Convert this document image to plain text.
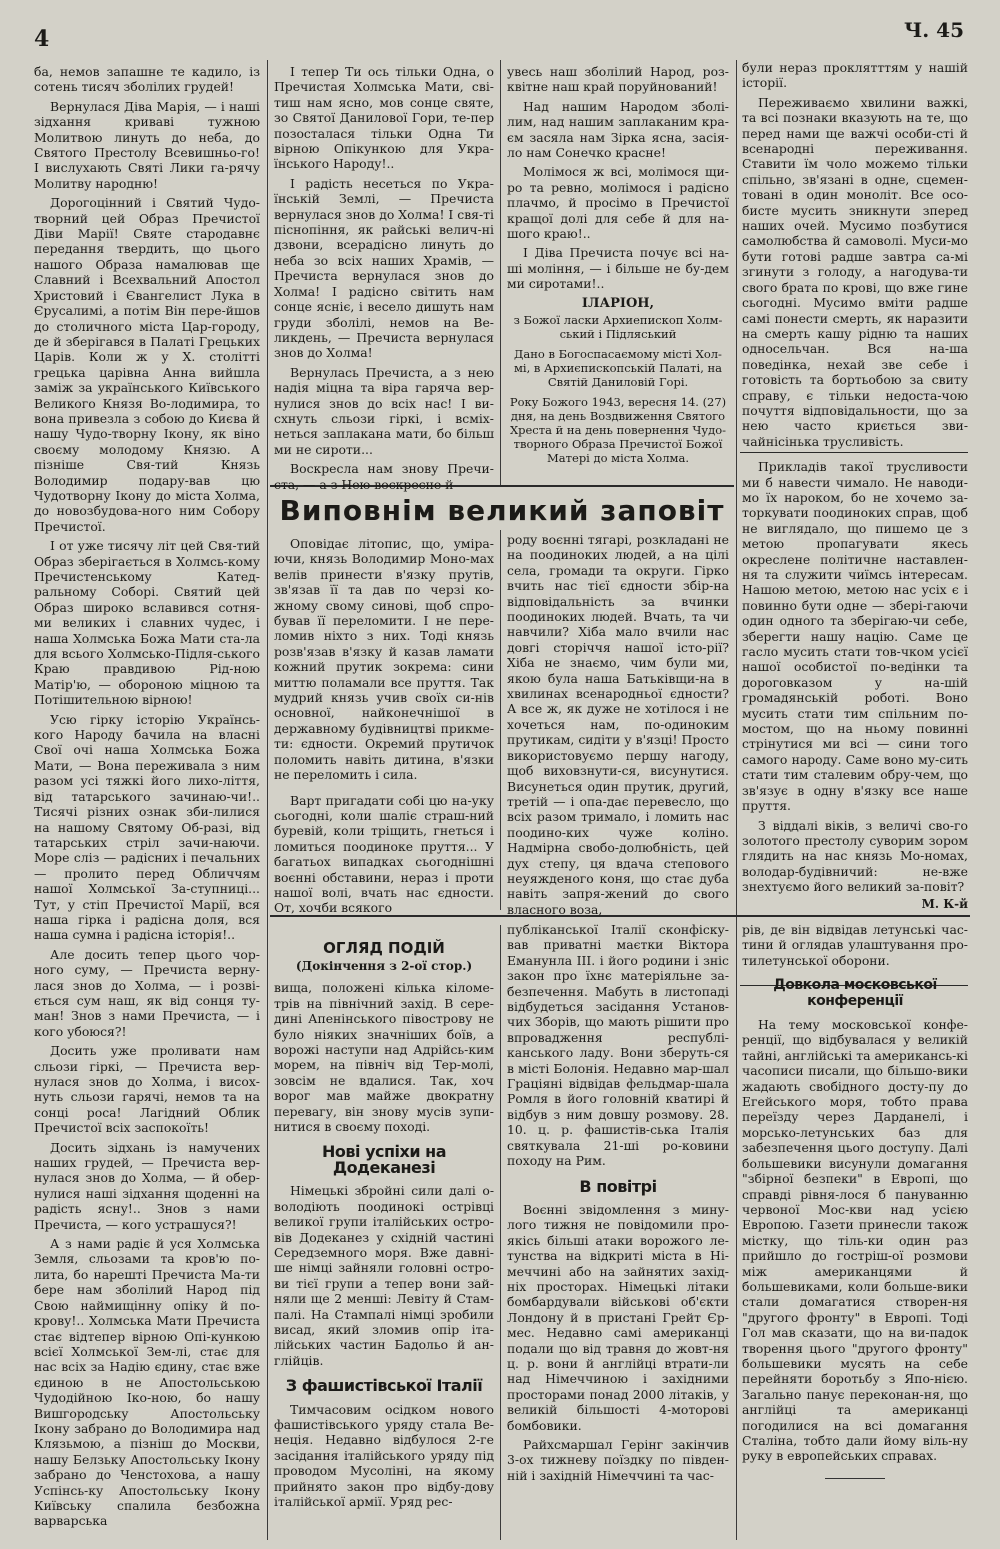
4	Ч. 45

ба, немов запашне те кадило, із сотень тисяч зболілих грудей!

Вернулася Діва Марія, — і наші зідхання криваві тужною Молитвою линуть до неба, до Святого Престолу Всевишньо-го! І вислухають Святі Лики га-рячу Молитву народню!

Дорогоцінний і Святий Чудо-творний цей Образ Пречистої Діви Марії! Святе стародавнє передання твердить, що цього нашого Образа намалював ще Славний і Всехвальний Апостол Христовий і Євангелист Лука в Єрусалимі, а потім Він пере-йшов до столичного міста Цар-городу, де й зберігався в Палаті Грецьких Царів. Коли ж у Х. столітті грецька царівна Анна вийшла заміж за українського Київського Великого Князя Во-лодимира, то вона привезла з собою до Києва й нашу Чудо-творну Ікону, як віно своєму молодому Князю. А пізніше Свя-тий Князь Володимир подару-вав цю Чудотворну Ікону до міста Холма, до новозбудова-ного ним Собору Пречистої.

І от уже тисячу літ цей Свя-тий Образ зберігається в Холмсь-кому Пречистенському Катед-ральному Соборі. Святий цей Образ широко вславився сотня-ми великих і славних чудес, і наша Холмська Божа Мати ста-ла для всього Холмсько-Підля-ського Краю правдивою Рід-ною Матір'ю, — обороною міцною та Потішительною вірною!

Усю гірку історію Українсь-кого Народу бачила на власні Свої очі наша Холмська Божа Мати, — Вона переживала з ним разом усі тяжкі його лихо-ліття, від татарського зачинаю-чи!.. Тисячі різних ознак зби-лилися на нашому Святому Об-разі, від татарських стріл зачи-наючи. Море сліз — радісних і печальних — пролито перед Обличчям нашої Холмської За-ступниці... Тут, у стіп Пречистої Марії, вся наша гірка і радісна доля, вся наша сумна і радісна історія!..

Але досить тепер цього чор-ного суму, — Пречиста верну-лася знов до Холма, — і розві-ється сум наш, як від сонця ту-ман! Знов з нами Пречиста, — і кого убоюся?!

Досить уже проливати нам сльози гіркі, — Пречиста вер-нулася знов до Холма, і висох-нуть сльози гарячі, немов та на сонці роса! Лагідний Облик Пречистої всіх заспокоїть!

Досить зідхань із намучених наших грудей, — Пречиста вер-нулася знов до Холма, — й обер-нулися наші зідхання щоденні на радість ясну!.. Знов з нами Пречиста, — кого устрашуся?!

А з нами радіє й уся Холмська Земля, сльозами та кров'ю по-лита, бо нарешті Пречиста Ма-ти бере нам зболілий Народ під Свою наймищінну опіку й по-крову!.. Холмська Мати Пречиста стає відтепер вірною Опі-кункою всієї Холмської Зем-лі, стає для нас всіх за Надію єдину, стає вже єдиною в не Апостольською Чудодійною Іко-ною, бо нашу Вишгородську Апостольську Ікону забрано до Володимира над Клязьмою, а пізніш до Москви, нашу Белзьку Апостольську Ікону забрано до Ченстохова, а нашу Успінсь-ку Апостольську Ікону Київську спалила безбожна варварська

І тепер Ти ось тільки Одна, о Пречистая Холмська Мати, сві-тиш нам ясно, мов сонце святе, зо Святої Данилової Гори, те-пер позосталася тільки Одна Ти вірною Опікункою для Укра-їнського Народу!..

І радість несеться по Укра-їнській Землі, — Пречиста вернулася знов до Холма! І свя-ті піснопіння, як райські велич-ні дзвони, всерадісно линуть до неба зо всіх наших Храмів, — Пречиста вернулася знов до Холма! І радісно світить нам сонце ясніє, і весело дишуть нам груди зболілі, немов на Ве-ликдень, — Пречиста вернулася знов до Холма!

Вернулась Пречиста, а з нею надія міцна та віра гаряча вер-нулися знов до всіх нас! І ви-схнуть сльози гіркі, і всміх-неться заплакана мати, бо більш ми не сироти...

Воскресла нам знову Пречи-ста, — а з Нею воскресне й

увесь наш зболілий Народ, роз-квітне наш край поруйнований!

Над нашим Народом зболі-лим, над нашим заплаканим кра-єм засяла нам Зірка ясна, засія-ло нам Сонечко красне!

Молімося ж всі, молімося щи-ро та ревно, молімося і радісно плачмо, й просімо в Пречистої кращої долі для себе й для на-шого краю!..

І Діва Пречиста почує всі на-ші моління, — і більше не бу-дем ми сиротами!..

ІЛАРІОН,
з Божої ласки Архиепископ Холм-ський і Підляський
Дано в Богоспасаємому місті Хол-мі, в Архиєпископській Палаті, на Святій Даниловій Горі.
Року Божого 1943, вересня 14. (27) дня, на день Воздвиження Святого Хреста й на день повернення Чудо-творного Образа Пречистої Божої Матері до міста Холма.

були нераз проклятттям у нашій історії.

Переживаємо хвилини важкі, та всі познаки вказують на те, що перед нами ще важчі особи-сті й всенародні переживання. Ставити їм чоло можемо тільки спільно, зв'язані в одне, сцемен-товані в один моноліт. Все осо-бисте мусить зникнути зперед наших очей. Мусимо позбутися самолюбства й самоволі. Муси-мо бути готові радше завтра са-мі згинути з голоду, а нагодува-ти свого брата по крові, що вже гине сьогодні. Мусимо вміти радше самі понести смерть, як наразити на смерть кашу рідню та наших односельчан. Вся на-ша поведінка, нехай зве себе і готовість та бортьобою за свиту справу, є тільки недоста-чою почуття відповідальности, що за нею часто криється зви-чайнісінька трусливість.

Прикладів такої трусливости ми б навести чимало. Не наводи-мо їх нароком, бо не хочемо за-торкувати поодиноких справ, щоб не виглядало, що пишемо це з метою пропагувати якесь окреслене політичне наставлен-ня та служити чиїмсь інтересам. Нашою метою, метою нас усіх є і повинно бути одне — збері-гаючи один одного та зберігаю-чи себе, зберегти нашу націю. Саме це гасло мусить стати тов-чком усієї нашої особистої по-ведінки та дороговказом у на-шій громадянській роботі. Воно мусить стати тим спільним по-мостом, що на ньому повинні стрінутися ми всі — сини того самого народу. Саме воно му-сить стати тим сталевим обру-чем, що зв'язує в одну в'язку все наше пруття.

З віддалі віків, з величі сво-го золотого престолу суворим зором глядить на нас князь Мо-номах, володар-будівничий: не-вже знехтуємо його великий за-повіт?

М. К-й
Виповнім великий заповіт

Оповідає літопис, що, уміра-ючи, князь Володимир Моно-мах велів принести в'язку прутів, зв'язав її та дав по черзі ко-жному свому синові, щоб спро-бував її переломити. І не пере-ломив ніхто з них. Тоді князь розв'язав в'язку й казав ламати кожний прутик зокрема: сини миттю поламали все пруття. Так мудрий князь учив своїх си-нів основної, найконечнішої в державному будівництві прикме-ти: єдности. Окремий прутичок поломить навіть дитина, в'язки не переломить і сила.

Варт пригадати собі цю на-уку сьогодні, коли шаліє страш-ний буревій, коли тріщить, гнеться і ломиться поодиноке пруття... У багатьох випадках сьогоднішні воєнні обставини, неpаз і проти нашої волі, вчать нас єдности. От, хочби всякого

роду воєнні тягарі, розкладані не на поодиноких людей, а на цілі села, громади та округи. Гірко вчить нас тієї єдности збір-на відповідальність за вчинки поодиноких людей. Вчать, та чи навчили? Хіба мало вчили нас довгі сторіччя нашої істо-рії? Хіба не знаємо, чим були ми, якою була наша Батьківщи-на в хвилинах всенародньої єдности? А все ж, як дуже не хотілося і не хочеться нам, по-одиноким прутикам, сидіти у в'язці! Просто використовуємо першу нагоду, щоб виховзнути-ся, висунутися. Висунеться один прутик, другий, третій — і опа-дає перевесло, що всіх разом тримало, і ломить нас поодино-ких чуже коліно. Надмірна свобо-долюбність, цей дух степу, ця вдача степового неуяжденого коня, що стає дуба навіть запря-жений до свого власного воза,

ОГЛЯД ПОДІЙ
(Докінчення з 2-ої стор.)

вища, положені кілька кіломе-трів на північний захід. В сере-дині Апенінського півострову не було ніяких значніших боїв, а ворожі наступи над Адрійсь-ким морем, на північ від Тер-молі, зовсім не вдалися. Так, хоч ворог мав майже двократну перевагу, він знову мусів зупи-нитися в своєму поході.

Нові успіхи на Додеканезі

Німецькі збройні сили далі о-володіють поодинокі острівці великої групи італійських остро-вів Додеканез у східній частині Середземного моря. Вже давні-ше німці зайняли головні остро-ви тієї групи а тепер вони зай-няли ще 2 менші: Левіту й Стам-палі. На Стампалі німці зробили висад, який зломив опір іта-лійських частин Бадольо й ан-глійців.

З фашистівської Італії

Тимчасовим осідком нового фашистівського уряду стала Ве-неція. Недавно відбулося 2-ге засідання італійського уряду під проводом Мусоліні, на якому прийнято закон про відбу-дову італійської армії. Уряд рес-

публіканської Італії сконфіску-вав приватні маєтки Віктора Еманунла III. і його родини і зніс закон про їхнє матеріяльне за-безпечення. Мабуть в листопаді відбудеться засідання Установ-чих Зборів, що мають рішити про впровадження республі-канського ладу. Вони зберуть-ся в місті Болонія. Недавно мар-шал Граціяні відвідав фельдмар-шала Ромля в його головній кватирі й відбув з ним довшу розмову. 28. 10. ц. р. фашистів-ська Італія святкувала 21-ші ро-ковини походу на Рим.

В повітрі

Воєнні звідомлення з мину-лого тижня не повідомили про-якісь більші атаки ворожого ле-тунства на відкриті міста в Ні-меччині або на зайнятих захід-ніх просторах. Німецькі літаки бомбардували військові об'єкти Лондону й в пристані Грейт Єр-мес. Недавно самі американці подали що від травня до жовт-ня ц. р. вони й англійці втрати-ли над Німеччиною і західними просторами понад 2000 літаків, у великій більшості 4-моторові бомбовики.

Райхсмаршал Герінг закінчив 3-ох тижневу поїздку по півден-ній і західній Німеччині та час-

рів, де він відвідав летунські час-тини й оглядав улаштування про-тилетунської оборони.

Довкола московської конференції

На тему московської конфе-ренції, що відбувалася у великій тайні, англійські та американсь-кі часописи писали, що більшо-вики жадають свобідного досту-пу до Егейського моря, тобто права переїзду через Дарданелі, і морсько-летунських баз для забезпечення цього доступу. Далі большевики висунули домагання "збірної безпеки" в Европі, що справді рівня-лося б пануванню червоної Мос-кви над усією Европою. Газети принесли також містку, що тіль-ки один раз прийшло до гостріш-ої розмови між американцями й большевиками, коли больше-вики стали домагатися створен-ня "другого фронту" в Европі. Тоді Гол мав сказати, що на ви-падок творення цього "другого фронту" большевики мусять на себе перейняти боротьбу з Япо-нією. Загально панує переконан-ня, що англійці та американці погодилися на всі домагання Сталіна, тобто дали йому віль-ну руку в европейських справах.
